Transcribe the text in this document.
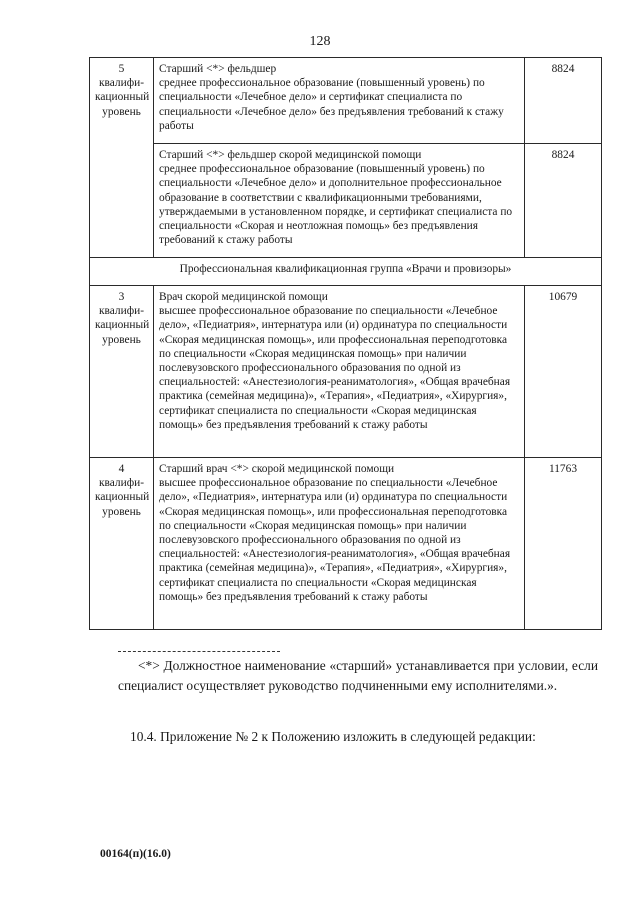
128
5 квалифи-кационный уровень	Старший <*> фельдшер
среднее профессиональное образование (повышенный уровень) по специальности «Лечебное дело» и сертификат специалиста по специальности «Лечебное дело» без предъявления требований к стажу работы	8824

	Старший <*> фельдшер скорой медицинской помощи
среднее профессиональное образование (повышенный уровень) по специальности «Лечебное дело» и дополнительное профессиональное образование в соответствии с квалификационными требованиями, утверждаемыми в установленном порядке, и сертификат специалиста по специальности «Скорая и неотложная помощь» без предъявления требований к стажу работы	8824
Профессиональная квалификационная группа «Врачи и провизоры»		
3 квалифи-кационный уровень	Врач скорой медицинской помощи
высшее профессиональное образование по специальности «Лечебное дело», «Педиатрия», интернатура или (и) ординатура по специальности «Скорая медицинская помощь», или профессиональная переподготовка по специальности «Скорая медицинская помощь» при наличии послевузовского профессионального образования по одной из специальностей: «Анестезиология-реаниматология», «Общая врачебная практика (семейная медицина)», «Терапия», «Педиатрия», «Хирургия», сертификат специалиста по специальности «Скорая медицинская помощь» без предъявления требований к стажу работы	10679
4 квалифи-кационный уровень	Старший врач <*> скорой медицинской помощи
высшее профессиональное образование по специальности «Лечебное дело», «Педиатрия», интернатура или (и) ординатура по специальности «Скорая медицинская помощь», или профессиональная переподготовка по специальности «Скорая медицинская помощь» при наличии послевузовского профессионального образования по одной из специальностей: «Анестезиология-реаниматология», «Общая врачебная практика (семейная медицина)», «Терапия», «Педиатрия», «Хирургия», сертификат специалиста по специальности «Скорая медицинская помощь» без предъявления требований к стажу работы	11763
<*> Должностное наименование «старший» устанавливается при условии, если специалист осуществляет руководство подчиненными ему исполнителями.».
10.4. Приложение № 2 к Положению изложить в следующей редакции:
00164(п)(16.0)
